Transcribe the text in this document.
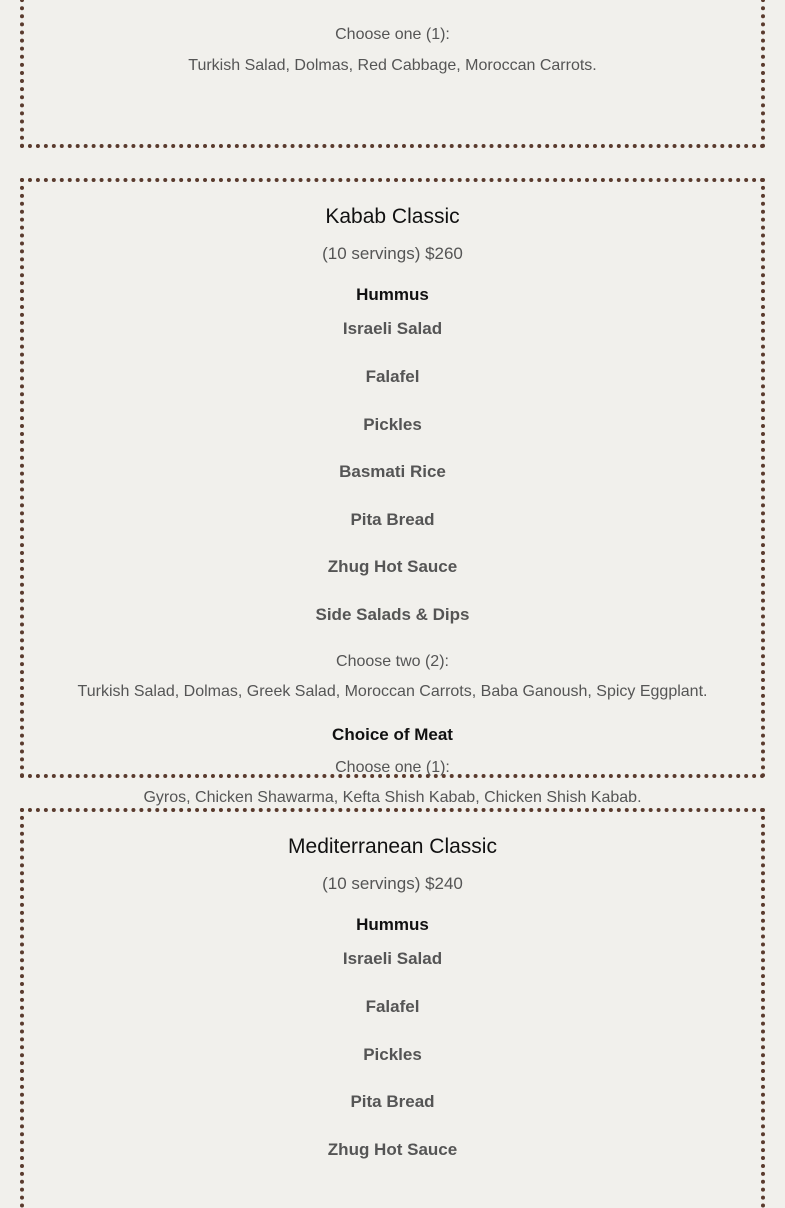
Choose one (1):
Turkish Salad, Dolmas, Red Cabbage, Moroccan Carrots.
Kabab Classic
(10 servings) $260
Hummus
Israeli Salad
Falafel
Pickles
Basmati Rice
Pita Bread
Zhug Hot Sauce
Side Salads & Dips
Choose two (2):
Turkish Salad, Dolmas, Greek Salad, Moroccan Carrots, Baba Ganoush, Spicy Eggplant.
Choice of Meat
Choose one (1):
Gyros, Chicken Shawarma, Kefta Shish Kabab, Chicken Shish Kabab.
Mediterranean Classic
(10 servings) $240
Hummus
Israeli Salad
Falafel
Pickles
Pita Bread
Zhug Hot Sauce
